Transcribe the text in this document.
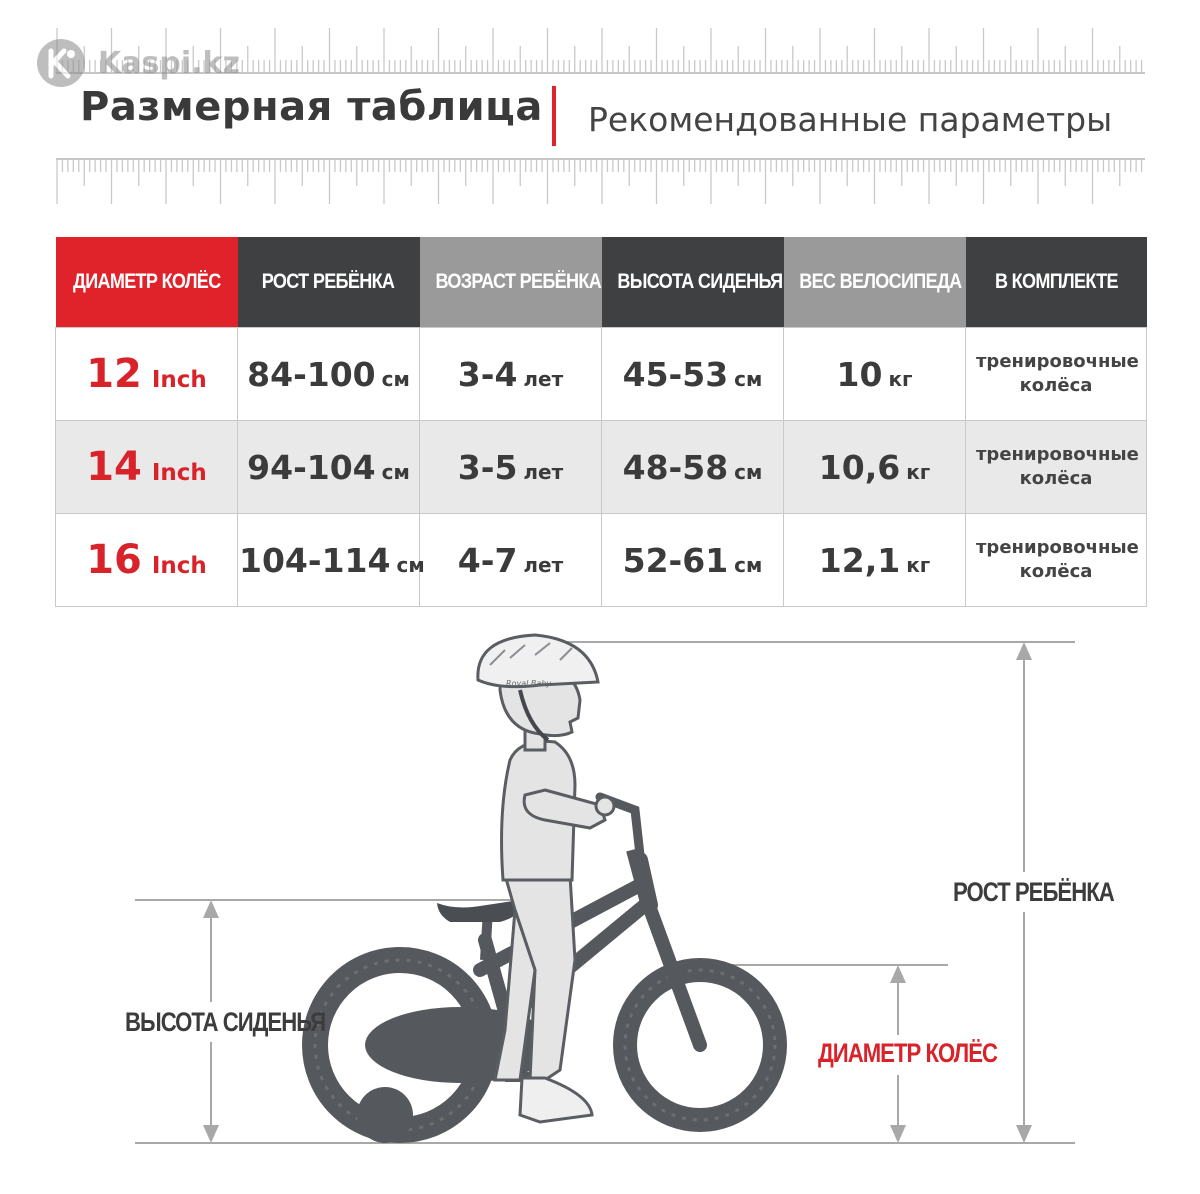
Kaspi.kz
Размерная таблица Рекомендованные параметры
ДИАМЕТР КОЛЁС	РОСТ РЕБЁНКА	ВОЗРАСТ РЕБЁНКА	ВЫСОТА СИДЕНЬЯ	ВЕС ВЕЛОСИПЕДА	В КОМПЛЕКТЕ
12 Inch	84-100 см	3-4 лет	45-53 см	10 кг	тренировочные колёса

14 Inch	94-104 см	3-5 лет	48-58 см	10,6 кг	тренировочные колёса

16 Inch	104-114 см	4-7 лет	52-61 см	12,1 кг	тренировочные колёса
Royal Baby
РОСТ РЕБЁНКА
ВЫСОТА СИДЕНЬЯ
ДИАМЕТР КОЛЁС
